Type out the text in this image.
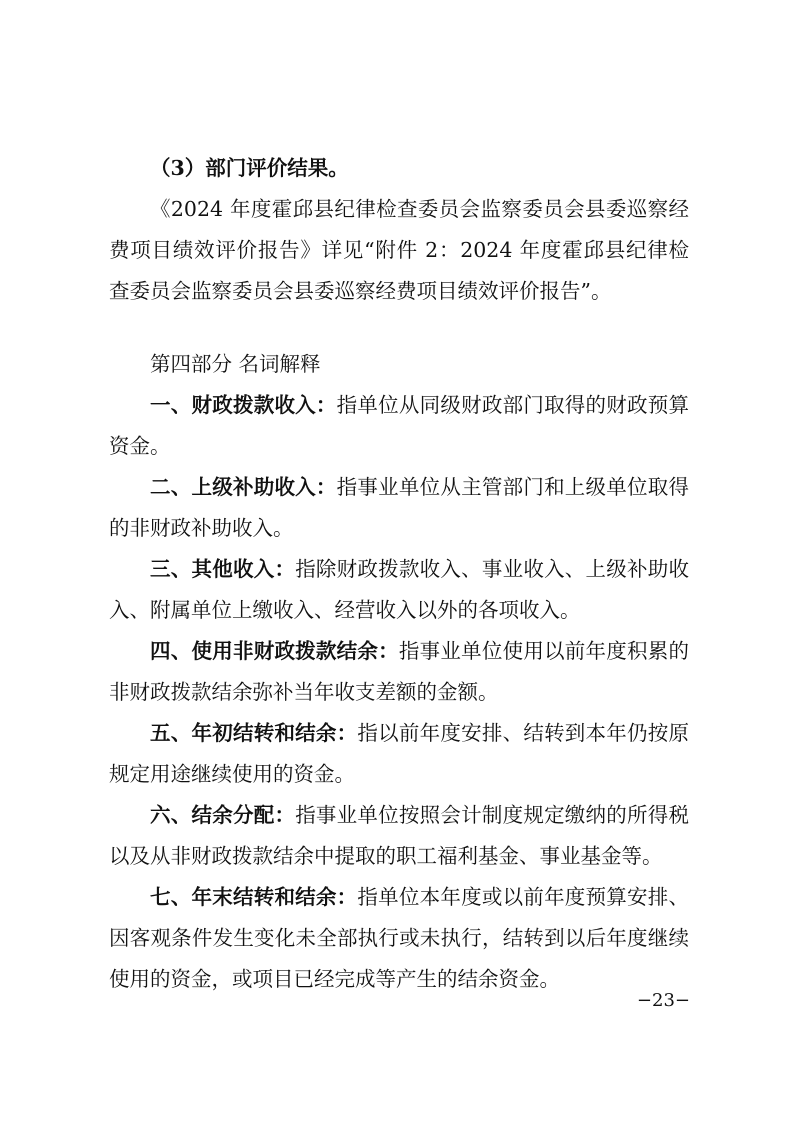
（3）部门评价结果。

《2024 年度霍邱县纪律检查委员会监察委员会县委巡察经费项目绩效评价报告》详见“附件 2：2024 年度霍邱县纪律检查委员会监察委员会县委巡察经费项目绩效评价报告”。

第四部分 名词解释

一、财政拨款收入：指单位从同级财政部门取得的财政预算资金。

二、上级补助收入：指事业单位从主管部门和上级单位取得的非财政补助收入。

三、其他收入：指除财政拨款收入、事业收入、上级补助收入、附属单位上缴收入、经营收入以外的各项收入。

四、使用非财政拨款结余：指事业单位使用以前年度积累的非财政拨款结余弥补当年收支差额的金额。

五、年初结转和结余：指以前年度安排、结转到本年仍按原规定用途继续使用的资金。

六、结余分配：指事业单位按照会计制度规定缴纳的所得税以及从非财政拨款结余中提取的职工福利基金、事业基金等。

七、年末结转和结余：指单位本年度或以前年度预算安排、因客观条件发生变化未全部执行或未执行，结转到以后年度继续使用的资金，或项目已经完成等产生的结余资金。

−23−
